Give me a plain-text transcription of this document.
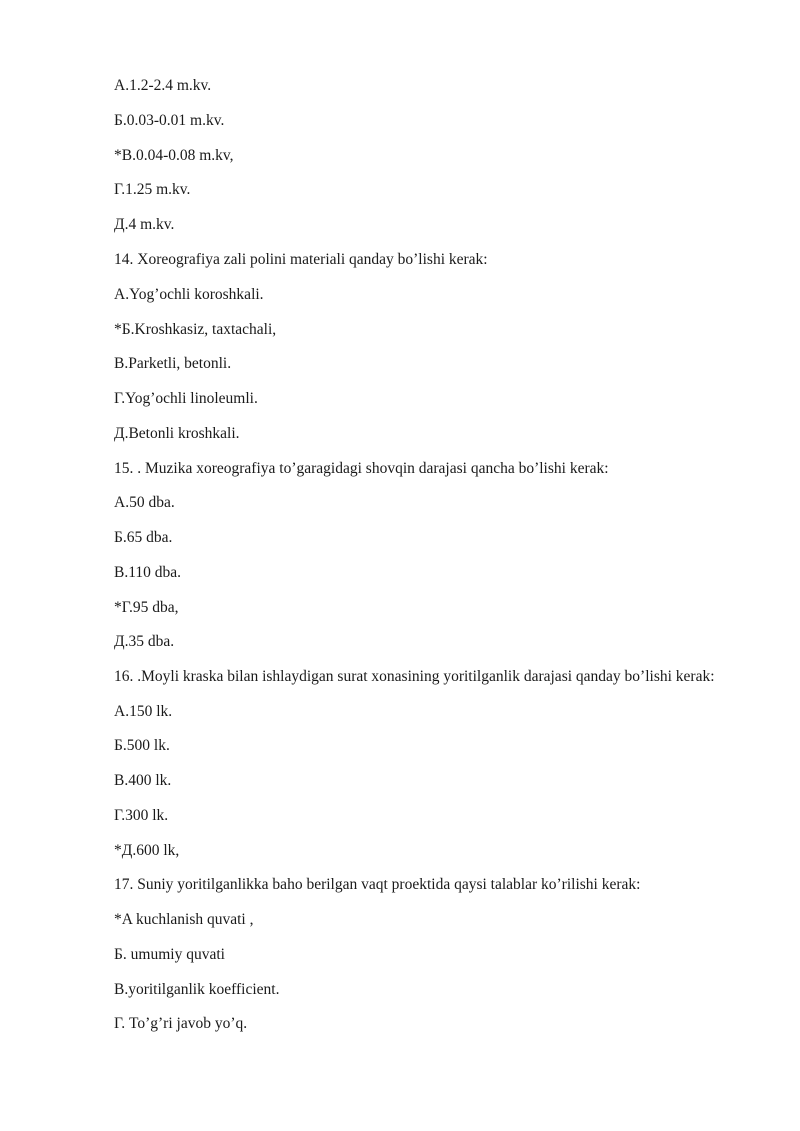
A.1.2-2.4 m.kv.
Б.0.03-0.01 m.kv.
*B.0.04-0.08 m.kv,
Г.1.25 m.kv.
Д.4 m.kv.
14. Xoreografiya zali polini materiali qanday bo’lishi kerak:
A.Yog’ochli koroshkali.
*Б.Kroshkasiz, taxtachali,
B.Parketli, betonli.
Г.Yog’ochli linoleumli.
Д.Betonli kroshkali.
15. . Muzika xoreografiya to’garagidagi shovqin darajasi qancha bo’lishi kerak:
A.50 dba.
Б.65 dba.
B.110 dba.
*Г.95 dba,
Д.35 dba.
16. .Moyli kraska bilan ishlaydigan surat xonasining yoritilganlik darajasi qanday bo’lishi kerak:
A.150 lk.
Б.500 lk.
B.400 lk.
Г.300 lk.
*Д.600 lk,
17. Suniy yoritilganlikka baho berilgan vaqt proektida qaysi talablar ko’rilishi kerak:
*A kuchlanish quvati ,
Б. umumiy quvati
B.yoritilganlik koefficient.
Г. To’g’ri javob yo’q.
